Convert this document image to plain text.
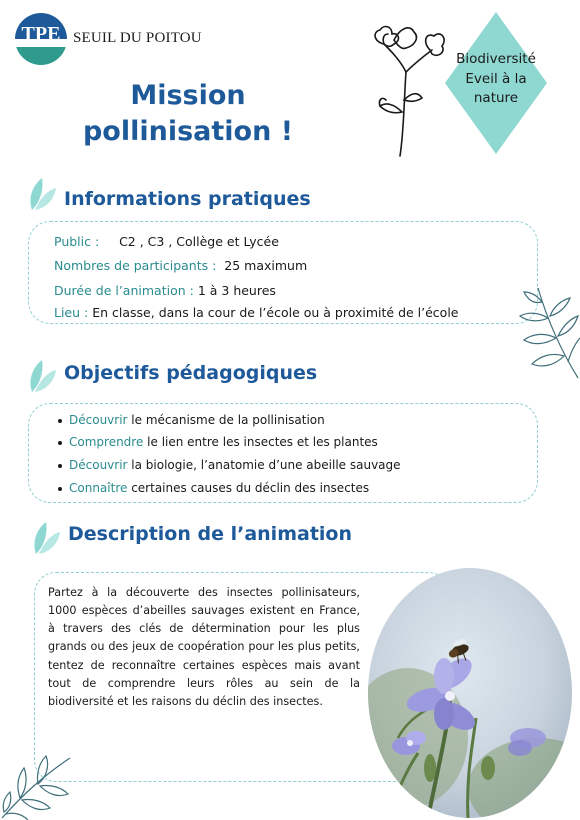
TPE SEUIL DU POITOU
Mission
pollinisation !
Biodiversité
Eveil à la
nature
Informations pratiques
Public : C2 , C3 , Collège et Lycée
Nombres de participants : 25 maximum
Durée de l’animation : 1 à 3 heures
Lieu : En classe, dans la cour de l’école ou à proximité de l’école
Objectifs pédagogiques
Découvrir le mécanisme de la pollinisation
Comprendre le lien entre les insectes et les plantes
Découvrir la biologie, l’anatomie d’une abeille sauvage
Connaître certaines causes du déclin des insectes
Description de l’animation
Partez à la découverte des insectes pollinisateurs, 1000 espèces d’abeilles sauvages existent en France, à travers des clés de détermination pour les plus grands ou des jeux de coopération pour les plus petits, tentez de reconnaître certaines espèces mais avant tout de comprendre leurs rôles au sein de la biodiversité et les raisons du déclin des insectes.
